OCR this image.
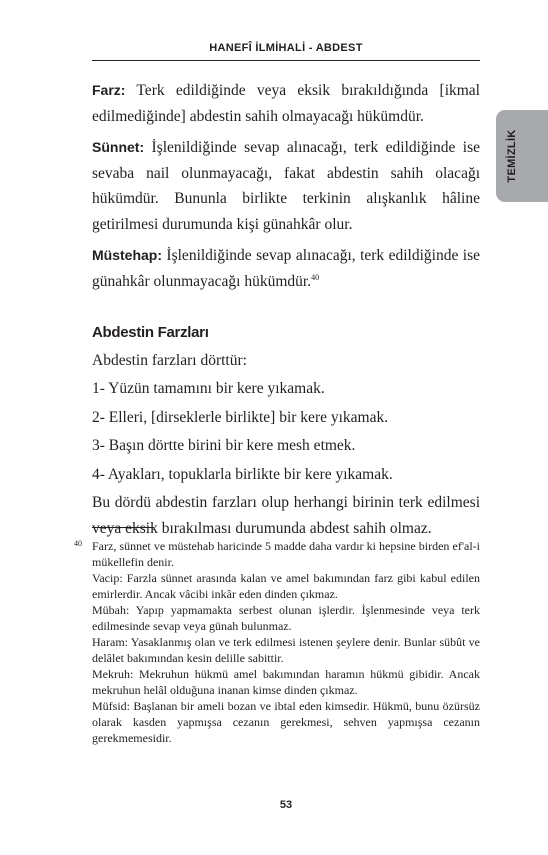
HANEFÎ İLMİHALİ - ABDEST
TEMİZLİK

Farz: Terk edildiğinde veya eksik bırakıldığında [ikmal edilmediğinde] abdestin sahih olmayacağı hükümdür.

Sünnet: İşlenildiğinde sevap alınacağı, terk edildiğinde ise sevaba nail olunmayacağı, fakat abdestin sahih olacağı hükümdür. Bununla birlikte terkinin alışkanlık hâline getirilmesi durumunda kişi günahkâr olur.

Müstehap: İşlenildiğinde sevap alınacağı, terk edildiğinde ise günahkâr olunmayacağı hükümdür.$^{40}$

Abdestin Farzları

Abdestin farzları dörttür:

1- Yüzün tamamını bir kere yıkamak.

2- Elleri, [dirseklerle birlikte] bir kere yıkamak.

3- Başın dörtte birini bir kere mesh etmek.

4- Ayakları, topuklarla birlikte bir kere yıkamak.

Bu dördü abdestin farzları olup herhangi birinin terk edilmesi veya eksik bırakılması durumunda abdest sahih olmaz.

40 Farz, sünnet ve müstehab haricinde 5 madde daha vardır ki hepsine birden ef'al-i mükellefin denir.

Vacip: Farzla sünnet arasında kalan ve amel bakımından farz gibi kabul edilen emirlerdir. Ancak vâcibi inkâr eden dinden çıkmaz.

Mübah: Yapıp yapmamakta serbest olunan işlerdir. İşlenmesinde veya terk edilmesinde sevap veya günah bulunmaz.

Haram: Yasaklanmış olan ve terk edilmesi istenen şeylere denir. Bunlar sübût ve delâlet bakımından kesin delille sabittir.

Mekruh: Mekruhun hükmü amel bakımından haramın hükmü gibidir. Ancak mekruhun helâl olduğuna inanan kimse dinden çıkmaz.

Müfsid: Başlanan bir ameli bozan ve ibtal eden kimsedir. Hükmü, bunu özürsüz olarak kasden yapmışsa cezanın gerekmesi, sehven yapmışsa cezanın gerekmemesidir.

53
